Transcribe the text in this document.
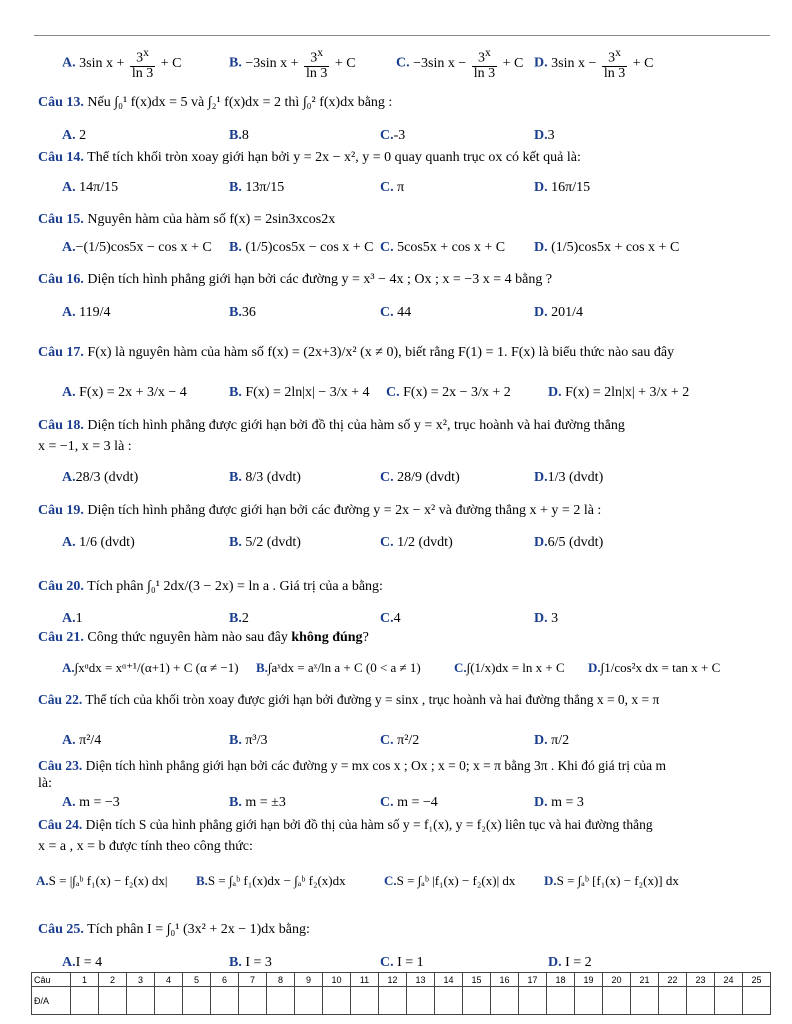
A. 3sin $x + \frac{3^x}{\ln 3} + C$	B. −3sin $x + \frac{3^x}{\ln 3} + C$	C. −3sin $x - \frac{3^x}{\ln 3} + C$ D. 3sin $x - \frac{3^x}{\ln 3} + C$
Câu 13. Nếu ∫₀¹ f(x)dx = 5 và ∫₂¹ f(x)dx = 2 thì ∫₀² f(x)dx bằng :
A. 2	B.8	C.-3	D.3
Câu 14. Thể tích khối tròn xoay giới hạn bởi y = 2x − x², y = 0 quay quanh trục ox có kết quả là:
A. 14π/15	B. 13π/15	C. π	D. 16π/15
Câu 15. Nguyên hàm của hàm số f(x) = 2sin3xcos2x
A.−(1/5)cos5x − cos x + C B. (1/5)cos5x − cos x + C C. 5cos5x + cos x + C D. (1/5)cos5x + cos x + C
Câu 16. Diện tích hình phẳng giới hạn bởi các đường y = x³ − 4x ; Ox ; x = −3 x = 4 bằng ?
A. 119/4	B.36	C. 44	D. 201/4
Câu 17. F(x) là nguyên hàm của hàm số f(x) = (2x+3)/x² (x ≠ 0), biết rằng F(1) = 1. F(x) là biểu thức nào sau đây
A. F(x) = 2x + 3/x − 4	B. F(x) = 2ln|x| − 3/x + 4 C. F(x) = 2x − 3/x + 2	D. F(x) = 2ln|x| + 3/x + 2
Câu 18. Diện tích hình phẳng được giới hạn bởi đồ thị của hàm số y = x², trục hoành và hai đường thẳng
x = −1, x = 3 là :
A.28/3 (dvdt)	B. 8/3 (dvdt)	C. 28/9 (dvdt)	D.1/3 (dvdt)
Câu 19. Diện tích hình phẳng được giới hạn bởi các đường y = 2x − x² và đường thẳng x + y = 2 là :
A. 1/6 (dvdt)	B. 5/2 (dvdt)	C. 1/2 (dvdt)	D.6/5 (dvdt)
Câu 20. Tích phân ∫₀¹ 2dx/(3 − 2x) = ln a . Giá trị của a bằng:
A.1	B.2	C.4	D. 3
Câu 21. Công thức nguyên hàm nào sau đây không đúng?
A.∫xᵅdx = xᵅ⁺¹/(α+1) + C (α ≠ −1) B.∫aˣdx = aˣ/ln a + C (0 < a ≠ 1)	C.∫(1/x)dx = ln x + C D.∫1/cos²x dx = tan x + C
Câu 22. Thể tích của khối tròn xoay được giới hạn bởi đường y = sinx , trục hoành và hai đường thẳng x = 0, x = π
A. π²/4	B. π³/3	C. π²/2	D. π/2
Câu 23. Diện tích hình phẳng giới hạn bởi các đường y = mx cos x ; Ox ; x = 0; x = π bằng 3π . Khi đó giá trị của m
là:
A. m = −3	B. m = ±3	C. m = −4	D. m = 3
Câu 24. Diện tích S của hình phẳng giới hạn bởi đồ thị của hàm số y = f₁(x), y = f₂(x) liên tục và hai đường thẳng
x = a , x = b được tính theo công thức:
A.S = |∫ₐᵇ f₁(x) − f₂(x) dx| B.S = ∫ₐᵇ f₁(x)dx − ∫ₐᵇ f₂(x)dx	C.S = ∫ₐᵇ |f₁(x) − f₂(x)| dx D.S = ∫ₐᵇ [f₁(x) − f₂(x)] dx
Câu 25. Tích phân I = ∫₀¹ (3x² + 2x − 1)dx bằng:
A.I = 4	B. I = 3	C. I = 1	D. I = 2
Câu	1	2	3	4	5	6	7	8	9	10	11	12	13	14	15	16	17	18	19	20	21	22	23	24	25
Đ/A																									
